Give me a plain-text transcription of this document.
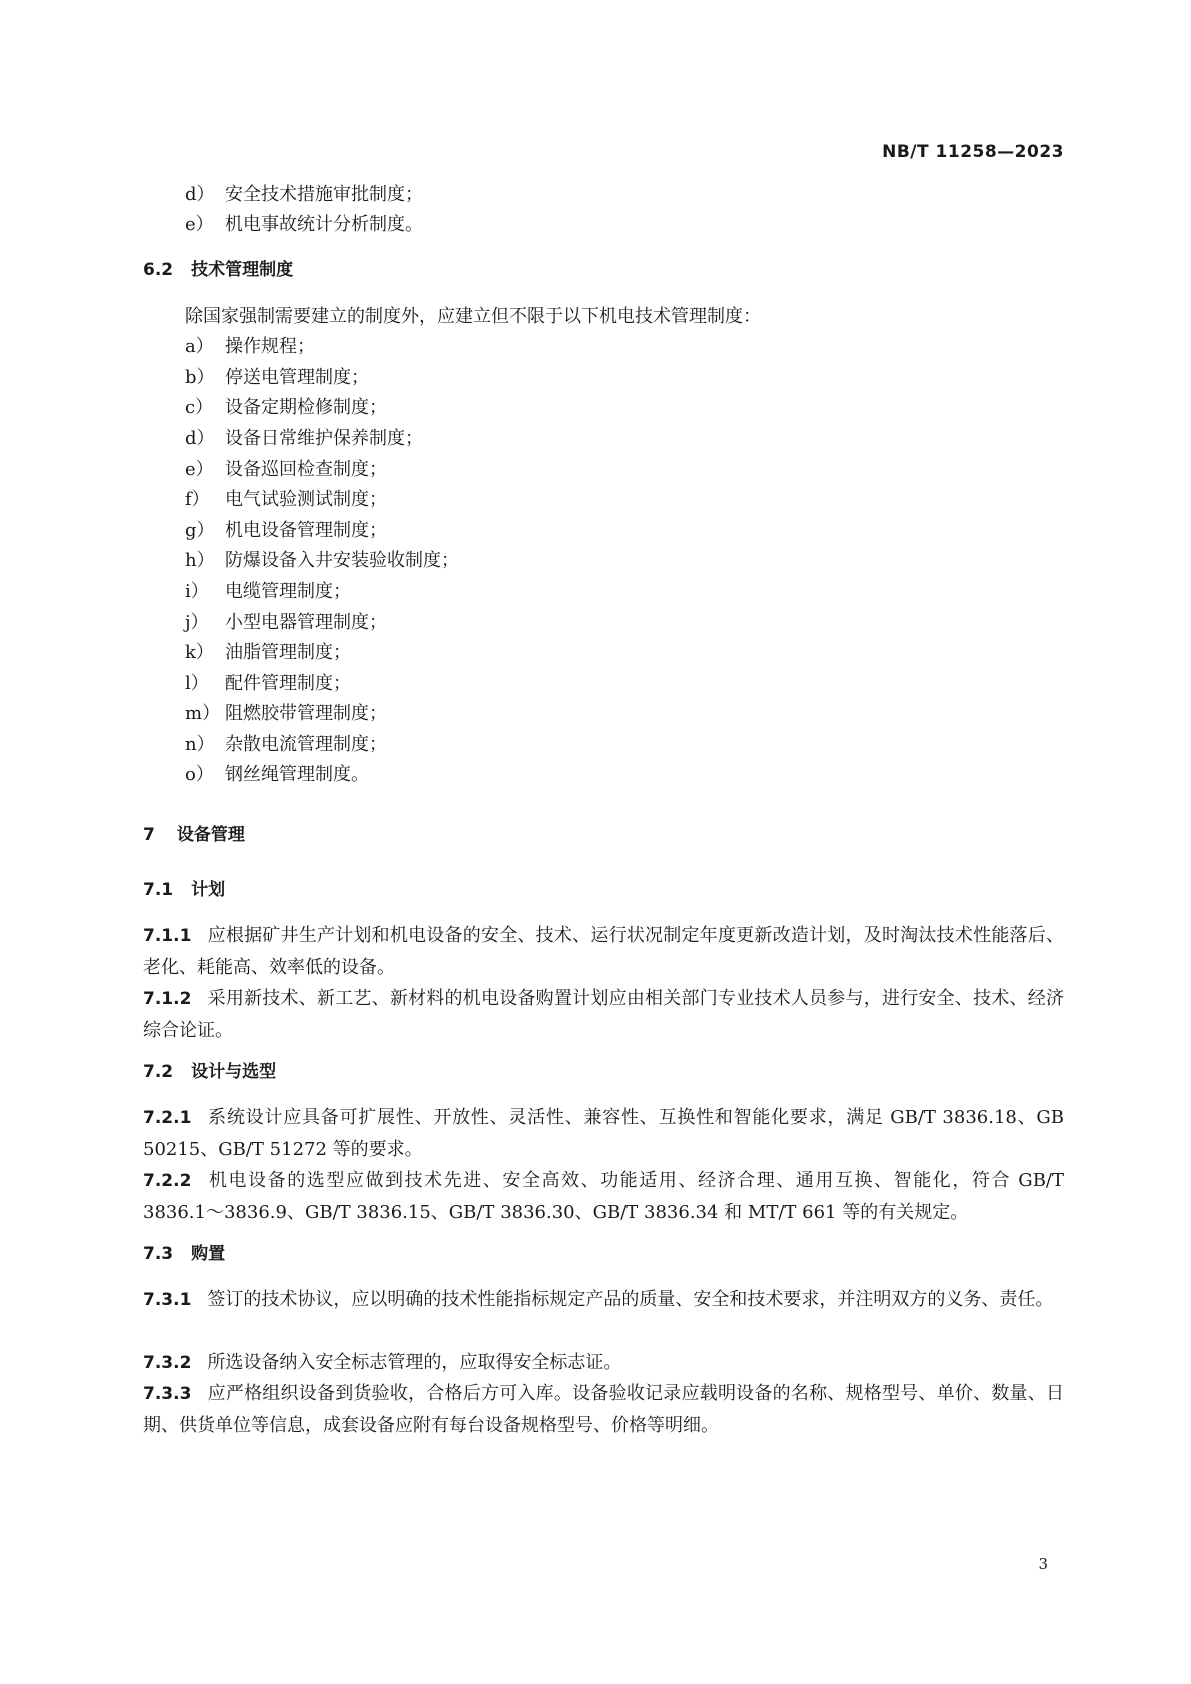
NB/T 11258—2023
d） 安全技术措施审批制度；
e） 机电事故统计分析制度。
6.2 技术管理制度
除国家强制需要建立的制度外，应建立但不限于以下机电技术管理制度：
a） 操作规程；
b） 停送电管理制度；
c） 设备定期检修制度；
d） 设备日常维护保养制度；
e） 设备巡回检查制度；
f） 电气试验测试制度；
g） 机电设备管理制度；
h） 防爆设备入井安装验收制度；
i） 电缆管理制度；
j） 小型电器管理制度；
k） 油脂管理制度；
l） 配件管理制度；
m） 阻燃胶带管理制度；
n） 杂散电流管理制度；
o） 钢丝绳管理制度。
7 设备管理
7.1 计划
7.1.1 应根据矿井生产计划和机电设备的安全、技术、运行状况制定年度更新改造计划，及时淘汰技术性能落后、老化、耗能高、效率低的设备。
7.1.2 采用新技术、新工艺、新材料的机电设备购置计划应由相关部门专业技术人员参与，进行安全、技术、经济综合论证。
7.2 设计与选型
7.2.1 系统设计应具备可扩展性、开放性、灵活性、兼容性、互换性和智能化要求，满足 GB/T 3836.18、GB 50215、GB/T 51272 等的要求。
7.2.2 机电设备的选型应做到技术先进、安全高效、功能适用、经济合理、通用互换、智能化，符合 GB/T 3836.1～3836.9、GB/T 3836.15、GB/T 3836.30、GB/T 3836.34 和 MT/T 661 等的有关规定。
7.3 购置
7.3.1 签订的技术协议，应以明确的技术性能指标规定产品的质量、安全和技术要求，并注明双方的义务、责任。
7.3.2 所选设备纳入安全标志管理的，应取得安全标志证。
7.3.3 应严格组织设备到货验收，合格后方可入库。设备验收记录应载明设备的名称、规格型号、单价、数量、日期、供货单位等信息，成套设备应附有每台设备规格型号、价格等明细。
3
